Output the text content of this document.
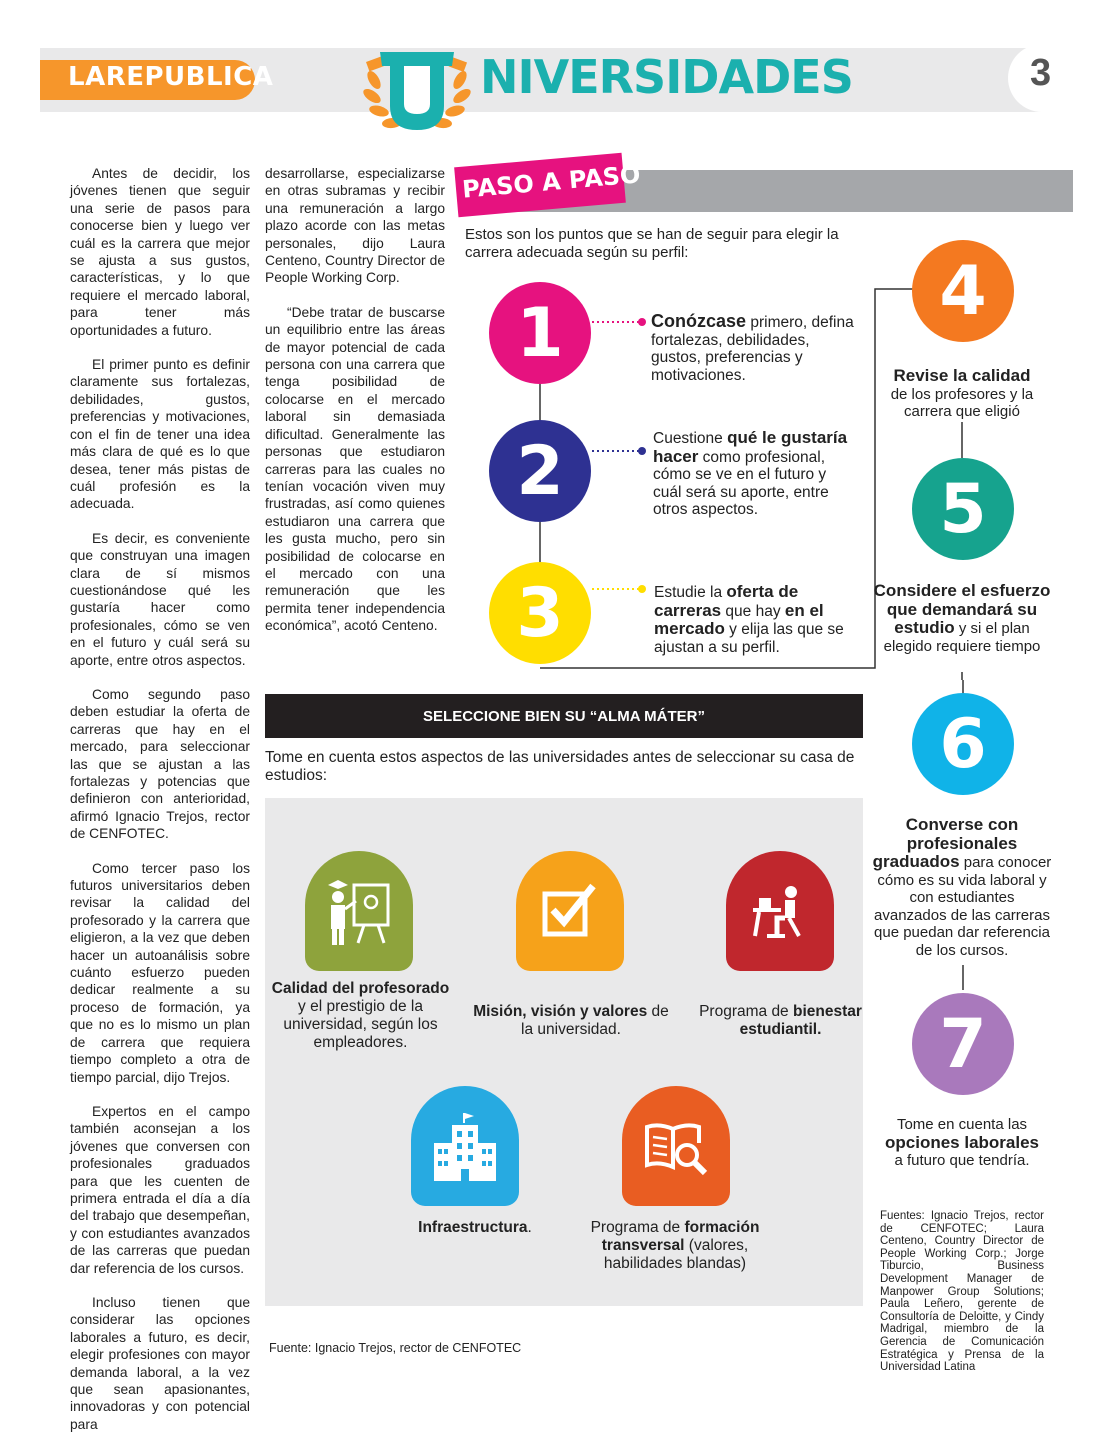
LAREPUBLICA	NIVERSIDADES	3

Antes de decidir, los jóvenes tienen que seguir una serie de pasos para conocerse bien y luego ver cuál es la carrera que mejor se ajusta a sus gustos, características, y lo que requiere el mercado laboral, para tener más oportunidades a futuro.

El primer punto es definir claramente sus fortalezas, debilidades, gustos, preferencias y motivaciones, con el fin de tener una idea más clara de qué es lo que desea, tener más pistas de cuál profesión es la adecuada.

Es decir, es conveniente que construyan una imagen clara de sí mismos cuestionándose qué les gustaría hacer como profesionales, cómo se ven en el futuro y cuál será su aporte, entre otros aspectos.

Como segundo paso deben estudiar la oferta de carreras que hay en el mercado, para seleccionar las que se ajustan a las fortalezas y potencias que definieron con anterioridad, afirmó Ignacio Trejos, rector de CENFOTEC.

Como tercer paso los futuros universitarios deben revisar la calidad del profesorado y la carrera que eligieron, a la vez que deben hacer un autoanálisis sobre cuánto esfuerzo pueden dedicar realmente a su proceso de formación, ya que no es lo mismo un plan de carrera que requiera tiempo completo a otra de tiempo parcial, dijo Trejos.

Expertos en el campo también aconsejan a los jóvenes que conversen con profesionales graduados para que les cuenten de primera entrada el día a día del trabajo que desempeñan, y con estudiantes avanzados de las carreras que puedan dar referencia de los cursos.

Incluso tienen que considerar las opciones laborales a futuro, es decir, elegir profesiones con mayor demanda laboral, a la vez que sean apasionantes, innovadoras y con potencial para

desarrollarse, especializarse en otras subramas y recibir una remuneración a largo plazo acorde con las metas personales, dijo Laura Centeno, Country Director de People Working Corp.

“Debe tratar de buscarse un equilibrio entre las áreas de mayor potencial de cada persona con una carrera que tenga posibilidad de colocarse en el mercado laboral sin demasiada dificultad. Generalmente las personas que estudiaron carreras para las cuales no tenían vocación viven muy frustradas, así como quienes estudiaron una carrera que les gusta mucho, pero sin posibilidad de colocarse en el mercado con una remuneración que les permita tener independencia económica”, acotó Centeno.

PASO A PASO
Estos son los puntos que se han de seguir para elegir la carrera adecuada según su perfil:
1	Conózcase primero, defina fortalezas, debilidades, gustos, preferencias y motivaciones.
2	Cuestione qué le gustaría hacer como profesional, cómo se ve en el futuro y cuál será su aporte, entre otros aspectos.
3	Estudie la oferta de carreras que hay en el mercado y elija las que se ajustan a su perfil.
4
Revise la calidad
de los profesores y la carrera que eligió
5
Considere el esfuerzo que demandará su estudio y si el plan elegido requiere tiempo
6
Converse con profesionales graduados para conocer cómo es su vida laboral y con estudiantes avanzados de las carreras que puedan dar referencia de los cursos.
7
Tome en cuenta las opciones laborales
a futuro que tendría.
SELECCIONE BIEN SU “ALMA MÁTER”
Tome en cuenta estos aspectos de las universidades antes de seleccionar su casa de estudios:
Calidad del profesorado y el prestigio de la universidad, según los empleadores.
Misión, visión y valores de la universidad.
Programa de bienestar estudiantil.
Infraestructura.	Programa de formación transversal (valores, habilidades blandas)
Fuente: Ignacio Trejos, rector de CENFOTEC
Fuentes: Ignacio Trejos, rector de CENFOTEC; Laura Centeno, Country Director de People Working Corp.; Jorge Tiburcio, Business Development Manager de Manpower Group Solutions; Paula Leñero, gerente de Consultoría de Deloitte, y Cindy Madrigal, miembro de la Gerencia de Comunicación Estratégica y Prensa de la Universidad Latina
